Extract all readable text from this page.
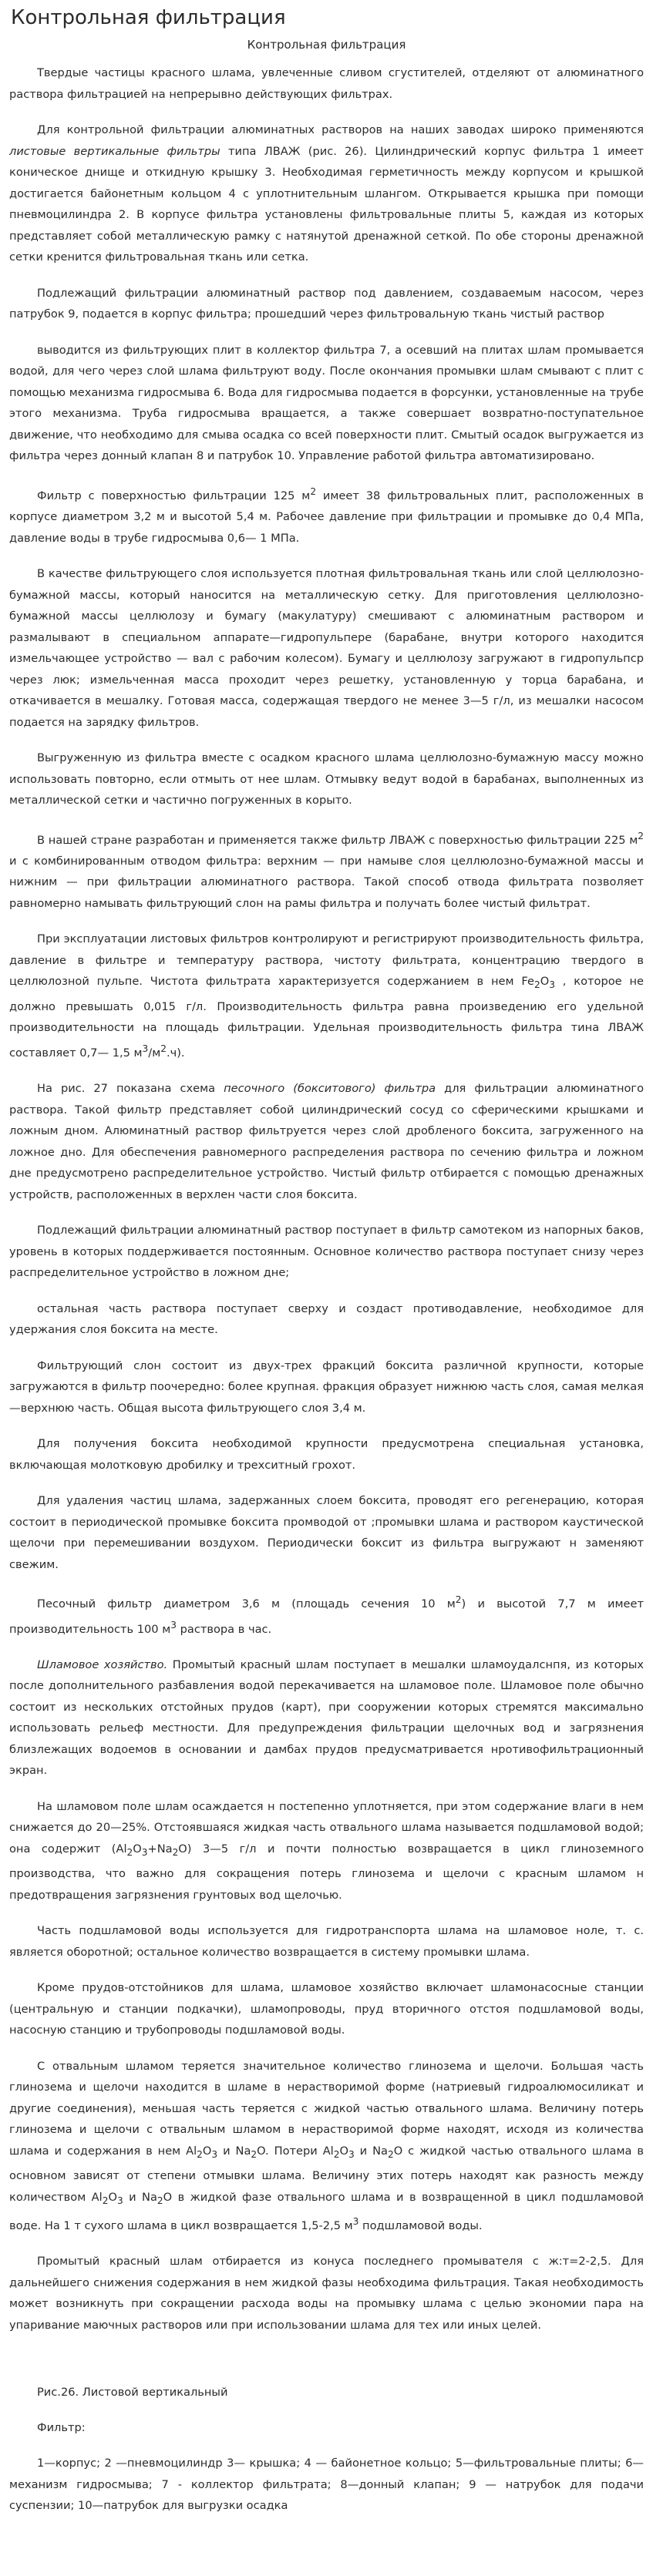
Контрольная фильтрация
Контрольная фильтрация

Твердые частицы красного шлама, увлеченные сливом сгустителей, отделяют от алюминатного раствора фильтрацией на непрерывно действующих фильтрах.

Для контрольной фильтрации алюминатных растворов на наших заводах широко применяются листовые вертикальные фильтры типа ЛВАЖ (рис. 26). Цилиндрический корпус фильтра 1 имеет коническое днище и откидную крышку 3. Необходимая герметичность между корпусом и крышкой достигается байонетным кольцом 4 с уплотнительным шлангом. Открывается крышка при помощи пневмоцилиндра 2. В корпусе фильтра установлены фильтровальные плиты 5, каждая из которых представляет собой металлическую рамку с натянутой дренажной сеткой. По обе стороны дренажной сетки кренится фильтровальная ткань или сетка.

Подлежащий фильтрации алюминатный раствор под давлением, создаваемым насосом, через патрубок 9, подается в корпус фильтра; прошедший через фильтровальную ткань чистый раствор

выводится из фильтрующих плит в коллектор фильтра 7, а осевший на плитах шлам промывается водой, для чего через слой шлама фильтруют воду. После окончания промывки шлам смывают с плит с помощью механизма гидросмыва 6. Вода для гидросмыва подается в форсунки, установленные на трубе этого механизма. Труба гидросмыва вращается, а также совершает возвратно-поступательное движение, что необходимо для смыва осадка со всей поверхности плит. Смытый осадок выгружается из фильтра через донный клапан 8 и патрубок 10. Управление работой фильтра автоматизировано.

Фильтр с поверхностью фильтрации 125 $м^2$ имеет 38 фильтровальных плит, расположенных в корпусе диаметром 3,2 м и высотой 5,4 м. Рабочее давление при фильтрации и промывке до 0,4 МПа, давление воды в трубе гидросмыва 0,6— 1 МПа.

В качестве фильтрующего слоя используется плотная фильтровальная ткань или слой целлюлозно-бумажной массы, который наносится на металлическую сетку. Для приготовления целлюлозно-бумажной массы целлюлозу и бумагу (макулатуру) смешивают с алюминатным раствором и размалывают в специальном аппарате—гидропульпере (барабане, внутри которого находится измельчающее устройство — вал с рабочим колесом). Бумагу и целлюлозу загружают в гидропульпср через люк; измельченная масса проходит через решетку, установленную у торца барабана, и откачивается в мешалку. Готовая масса, содержащая твердого не менее 3—5 г/л, из мешалки насосом подается на зарядку фильтров.

Выгруженную из фильтра вместе с осадком красного шлама целлюлозно-бумажную массу можно использовать повторно, если отмыть от нее шлам. Отмывку ведут водой в барабанах, выполненных из металлической сетки и частично погруженных в корыто.

В нашей стране разработан и применяется также фильтр ЛВАЖ с поверхностью фильтрации 225 $м^2$ и с комбинированным отводом фильтра: верхним — при намыве слоя целлюлозно-бумажной массы и нижним — при фильтрации алюминатного раствора. Такой способ отвода фильтрата позволяет равномерно намывать фильтрующий слон на рамы фильтра и получать более чистый фильтрат.

При эксплуатации листовых фильтров контролируют и регистрируют производительность фильтра, давление в фильтре и температуру раствора, чистоту фильтрата, концентрацию твердого в целлюлозной пульпе. Чистота фильтрата характеризуется содержанием в нем $Fe_2O_3$ , которое не должно превышать 0,015 г/л. Производительность фильтра равна произведению его удельной производительности на площадь фильтрации. Удельная производительность фильтра тина ЛВАЖ составляет 0,7— 1,5 $м^3/м^2.ч$).

На рис. 27 показана схема песочного (бокситового) фильтра для фильтрации алюминатного раствора. Такой фильтр представляет собой цилиндрический сосуд со сферическими крышками и ложным дном. Алюминатный раствор фильтруется через слой дробленого боксита, загруженного на ложное дно. Для обеспечения равномерного распределения раствора по сечению фильтра и ложном дне предусмотрено распределительное устройство. Чистый фильтр отбирается с помощью дренажных устройств, расположенных в верхлен части слоя боксита.

Подлежащий фильтрации алюминатный раствор поступает в фильтр самотеком из напорных баков, уровень в которых поддерживается постоянным. Основное количество раствора поступает снизу через распределительное устройство в ложном дне;

остальная часть раствора поступает сверху и создаст противодавление, необходимое для удержания слоя боксита на месте.

Фильтрующий слон состоит из двух-трех фракций боксита различной крупности, которые загружаются в фильтр поочередно: более крупная. фракция образует нижнюю часть слоя, самая мелкая—верхнюю часть. Общая высота фильтрующего слоя 3,4 м.

Для получения боксита необходимой крупности предусмотрена специальная установка, включающая молотковую дробилку и трехситный грохот.

Для удаления частиц шлама, задержанных слоем боксита, проводят его регенерацию, которая состоит в периодической промывке боксита промводой от ;промывки шлама и раствором каустической щелочи при перемешивании воздухом. Периодически боксит из фильтра выгружают н заменяют свежим.

Песочный фильтр диаметром 3,6 м (площадь сечения 10 $м^2$) и высотой 7,7 м имеет производительность 100 $м^3$ раствора в час.

Шламовое хозяйство. Промытый красный шлам поступает в мешалки шламоудалснпя, из которых после дополнительного разбавления водой перекачивается на шламовое поле. Шламовое поле обычно состоит из нескольких отстойных прудов (карт), при сооружении которых стремятся максимально использовать рельеф местности. Для предупреждения фильтрации щелочных вод и загрязнения близлежащих водоемов в основании и дамбах прудов предусматривается нротивофильтрационный экран.

На шламовом поле шлам осаждается н постепенно уплотняется, при этом содержание влаги в нем снижается до 20—25%. Отстоявшаяся жидкая часть отвального шлама называется подшламовой водой; она содержит $(Al_2O_3+Na_2O)$ 3—5 г/л и почти полностью возвращается в цикл глиноземного производства, что важно для сокращения потерь глинозема и щелочи с красным шламом н предотвращения загрязнения грунтовых вод щелочью.

Часть подшламовой воды используется для гидротранспорта шлама на шламовое ноле, т. с. является оборотной; остальное количество возвращается в систему промывки шлама.

Кроме прудов-отстойников для шлама, шламовое хозяйство включает шламонасосные станции (центральную и станции подкачки), шламопроводы, пруд вторичного отстоя подшламовой воды, насосную станцию и трубопроводы подшламовой воды.

С отвальным шламом теряется значительное количество глинозема и щелочи. Большая часть глинозема и щелочи находится в шламе в нерастворимой форме (натриевый гидроалюмосиликат и другие соединения), меньшая часть теряется с жидкой частью отвального шлама. Величину потерь глинозема и щелочи с отвальным шламом в нерастворимой форме находят, исходя из количества шлама и содержания в нем $Al_2O_3$ и $Na_2O$. Потери $Al_2O_3$ и $Na_2O$ с жидкой частью отвального шлама в основном зависят от степени отмывки шлама. Величину этих потерь находят как разность между количеством $Al_2O_3$ и $Na_2O$ в жидкой фазе отвального шлама и в возвращенной в цикл подшламовой воде. На 1 т сухого шлама в цикл возвращается 1,5-2,5 $м^3$ подшламовой воды.

Промытый красный шлам отбирается из конуса последнего промывателя с ж:т=2-2,5. Для дальнейшего снижения содержания в нем жидкой фазы необходима фильтрация. Такая необходимость может возникнуть при сокращении расхода воды на промывку шлама с целью экономии пара на упаривание маючных растворов или при использовании шлама для тех или иных целей.

Рис.26. Листовой вертикальный
Фильтр:
1—корпус; 2 —пневмоцилиндр 3— крышка; 4 — байонетное кольцо; 5—фильтровальные плиты; 6—механизм гидросмыва; 7 - коллектор фильтрата; 8—донный клапан; 9 — натрубок для подачи суспензии; 10—патрубок для выгрузки осадка
